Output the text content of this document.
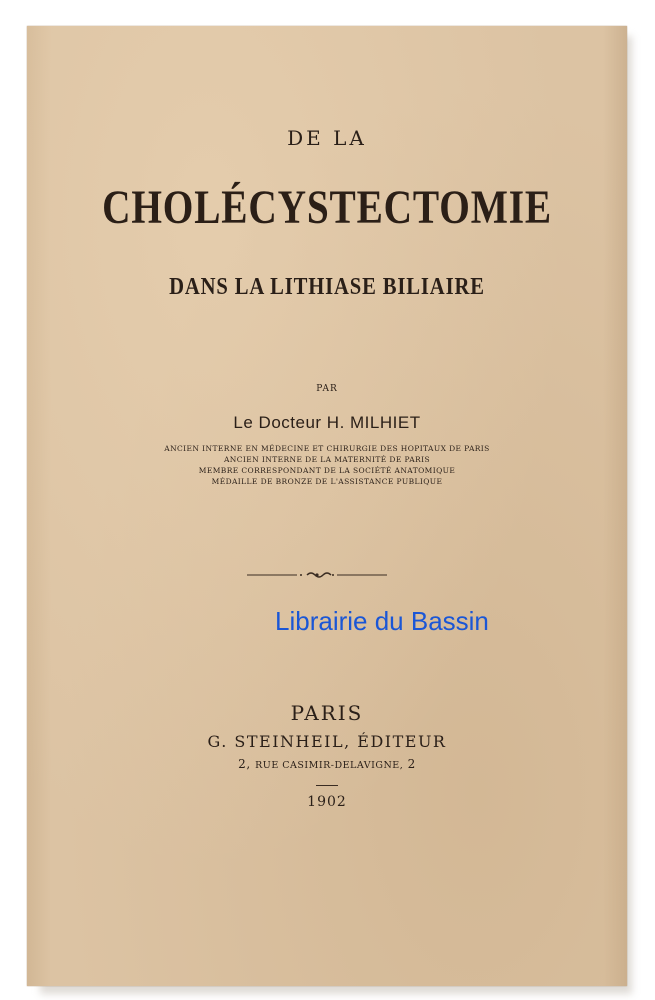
DE LA
CHOLÉCYSTECTOMIE
DANS LA LITHIASE BILIAIRE
PAR
Le Docteur H. MILHIET
ANCIEN INTERNE EN MÉDECINE ET CHIRURGIE DES HOPITAUX DE PARIS
ANCIEN INTERNE DE LA MATERNITÉ DE PARIS
MEMBRE CORRESPONDANT DE LA SOCIÉTÉ ANATOMIQUE
MÉDAILLE DE BRONZE DE L'ASSISTANCE PUBLIQUE
Librairie du Bassin
PARIS
G. STEINHEIL, ÉDITEUR
2, RUE CASIMIR-DELAVIGNE, 2
1902
